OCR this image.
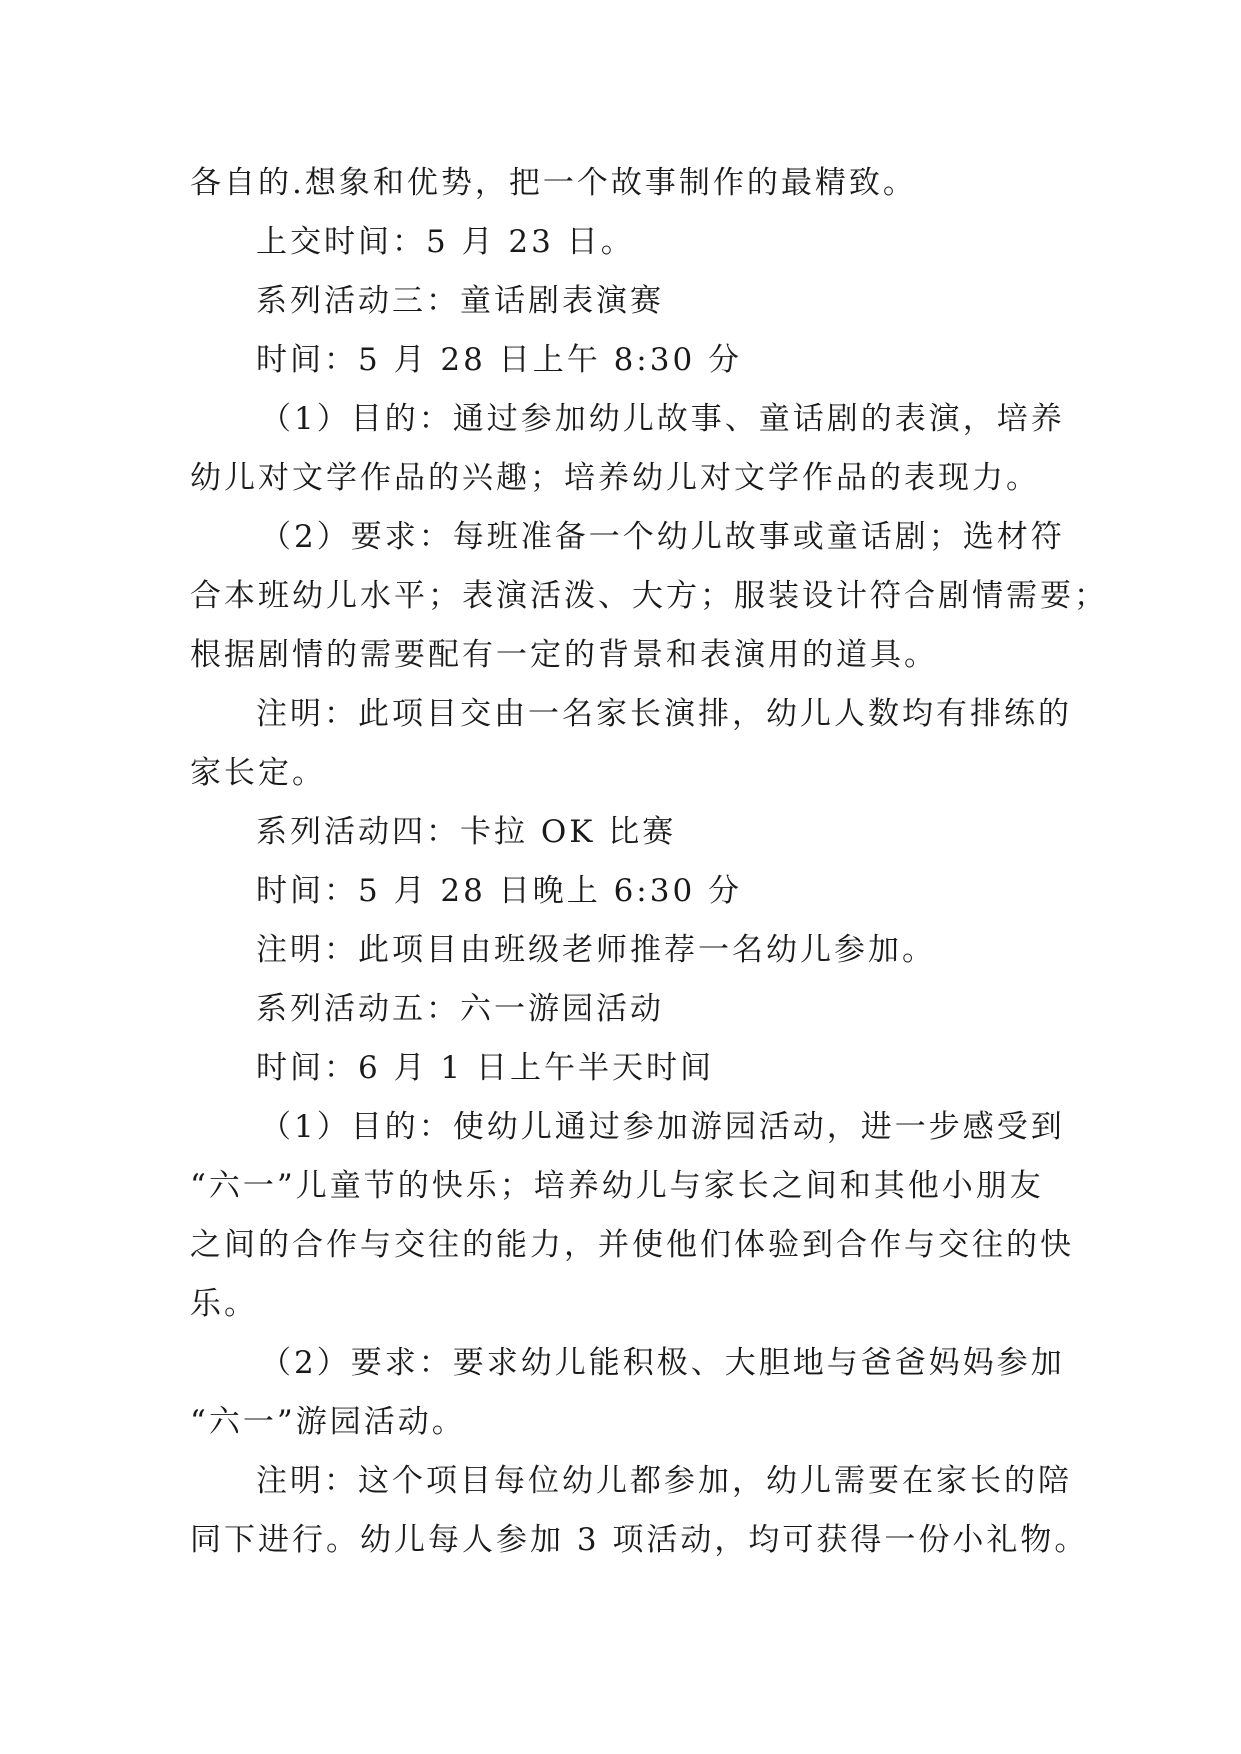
各自的.想象和优势，把一个故事制作的最精致。
上交时间：5 月 23 日。
系列活动三：童话剧表演赛
时间：5 月 28 日上午 8:30 分
（1）目的：通过参加幼儿故事、童话剧的表演，培养
幼儿对文学作品的兴趣；培养幼儿对文学作品的表现力。
（2）要求：每班准备一个幼儿故事或童话剧；选材符
合本班幼儿水平；表演活泼、大方；服装设计符合剧情需要；
根据剧情的需要配有一定的背景和表演用的道具。
注明：此项目交由一名家长演排，幼儿人数均有排练的
家长定。
系列活动四：卡拉 OK 比赛
时间：5 月 28 日晚上 6:30 分
注明：此项目由班级老师推荐一名幼儿参加。
系列活动五：六一游园活动
时间：6 月 1 日上午半天时间
（1）目的：使幼儿通过参加游园活动，进一步感受到
“六一”儿童节的快乐；培养幼儿与家长之间和其他小朋友
之间的合作与交往的能力，并使他们体验到合作与交往的快
乐。
（2）要求：要求幼儿能积极、大胆地与爸爸妈妈参加
“六一”游园活动。
注明：这个项目每位幼儿都参加，幼儿需要在家长的陪
同下进行。幼儿每人参加 3 项活动，均可获得一份小礼物。
